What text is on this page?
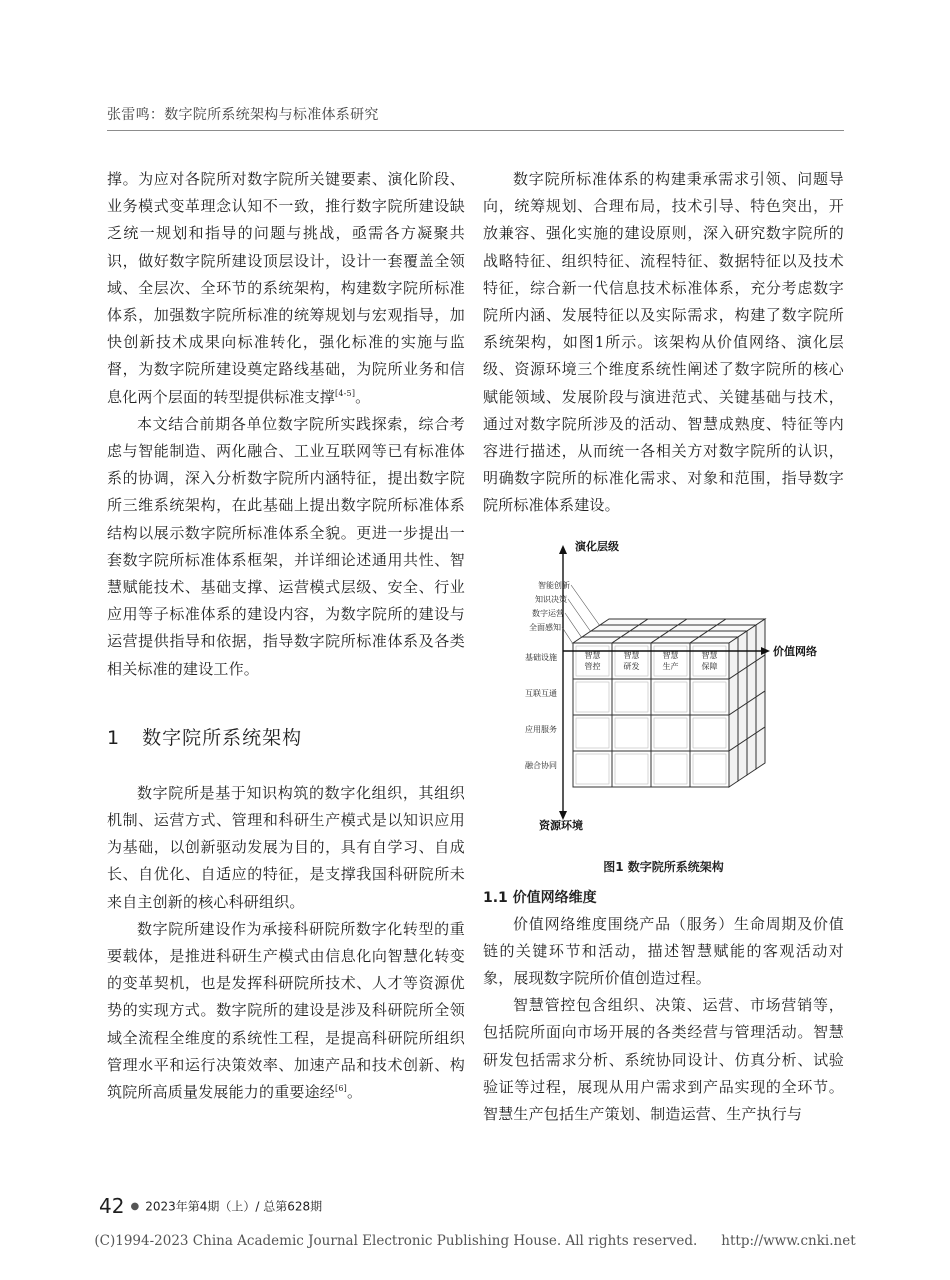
张雷鸣：数字院所系统架构与标准体系研究

撑。为应对各院所对数字院所关键要素、演化阶段、业务模式变革理念认知不一致，推行数字院所建设缺乏统一规划和指导的问题与挑战，亟需各方凝聚共识，做好数字院所建设顶层设计，设计一套覆盖全领域、全层次、全环节的系统架构，构建数字院所标准体系，加强数字院所标准的统筹规划与宏观指导，加快创新技术成果向标准转化，强化标准的实施与监督，为数字院所建设奠定路线基础，为院所业务和信息化两个层面的转型提供标准支撑[4-5]。

本文结合前期各单位数字院所实践探索，综合考虑与智能制造、两化融合、工业互联网等已有标准体系的协调，深入分析数字院所内涵特征，提出数字院所三维系统架构，在此基础上提出数字院所标准体系结构以展示数字院所标准体系全貌。更进一步提出一套数字院所标准体系框架，并详细论述通用共性、智慧赋能技术、基础支撑、运营模式层级、安全、行业应用等子标准体系的建设内容，为数字院所的建设与运营提供指导和依据，指导数字院所标准体系及各类相关标准的建设工作。

1 数字院所系统架构

数字院所是基于知识构筑的数字化组织，其组织机制、运营方式、管理和科研生产模式是以知识应用为基础，以创新驱动发展为目的，具有自学习、自成长、自优化、自适应的特征，是支撑我国科研院所未来自主创新的核心科研组织。

数字院所建设作为承接科研院所数字化转型的重要载体，是推进科研生产模式由信息化向智慧化转变的变革契机，也是发挥科研院所技术、人才等资源优势的实现方式。数字院所的建设是涉及科研院所全领域全流程全维度的系统性工程，是提高科研院所组织管理水平和运行决策效率、加速产品和技术创新、构筑院所高质量发展能力的重要途经[6]。

数字院所标准体系的构建秉承需求引领、问题导向，统筹规划、合理布局，技术引导、特色突出，开放兼容、强化实施的建设原则，深入研究数字院所的战略特征、组织特征、流程特征、数据特征以及技术特征，综合新一代信息技术标准体系，充分考虑数字院所内涵、发展特征以及实际需求，构建了数字院所系统架构，如图1所示。该架构从价值网络、演化层级、资源环境三个维度系统性阐述了数字院所的核心赋能领域、发展阶段与演进范式、关键基础与技术，通过对数字院所涉及的活动、智慧成熟度、特征等内容进行描述，从而统一各相关方对数字院所的认识，明确数字院所的标准化需求、对象和范围，指导数字院所标准体系建设。

智慧
管控
智慧
研发
智慧
生产
智慧
保障
演化层级
价值网络
资源环境
智能创新
知识决策
数字运营
全面感知
基础设施
互联互通
应用服务
融合协同
图1 数字院所系统架构
1.1 价值网络维度

价值网络维度围绕产品（服务）生命周期及价值链的关键环节和活动，描述智慧赋能的客观活动对象，展现数字院所价值创造过程。

智慧管控包含组织、决策、运营、市场营销等，包括院所面向市场开展的各类经营与管理活动。智慧研发包括需求分析、系统协同设计、仿真分析、试验验证等过程，展现从用户需求到产品实现的全环节。智慧生产包括生产策划、制造运营、生产执行与

42 ● 2023年第4期（上）/ 总第628期
(C)1994-2023 China Academic Journal Electronic Publishing House. All rights reserved. http://www.cnki.net
